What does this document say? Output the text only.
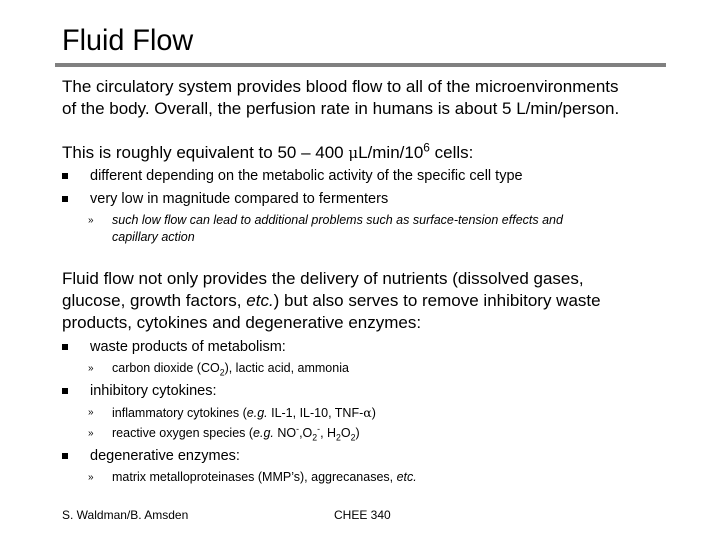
Fluid Flow

The circulatory system provides blood flow to all of the microenvironments
of the body. Overall, the perfusion rate in humans is about 5 L/min/person.

This is roughly equivalent to 50 – 400 $\mu L/\min/10^6$ cells:

different depending on the metabolic activity of the specific cell type

very low in magnitude compared to fermenters

» such low flow can lead to additional problems such as surface-tension effects and
capillary action

Fluid flow not only provides the delivery of nutrients (dissolved gases,
glucose, growth factors, etc.) but also serves to remove inhibitory waste
products, cytokines and degenerative enzymes:

waste products of metabolism:

» carbon dioxide $(CO_2)$, lactic acid, ammonia

inhibitory cytokines:

» inflammatory cytokines (e.g. IL-1, IL-10, TNF-α)

» reactive oxygen species (e.g. $NO^-,O_2^-$, $H_2O_2$)

degenerative enzymes:

» matrix metalloproteinases (MMP’s), aggrecanases, etc.

S. Waldman/B. Amsden	CHEE 340
